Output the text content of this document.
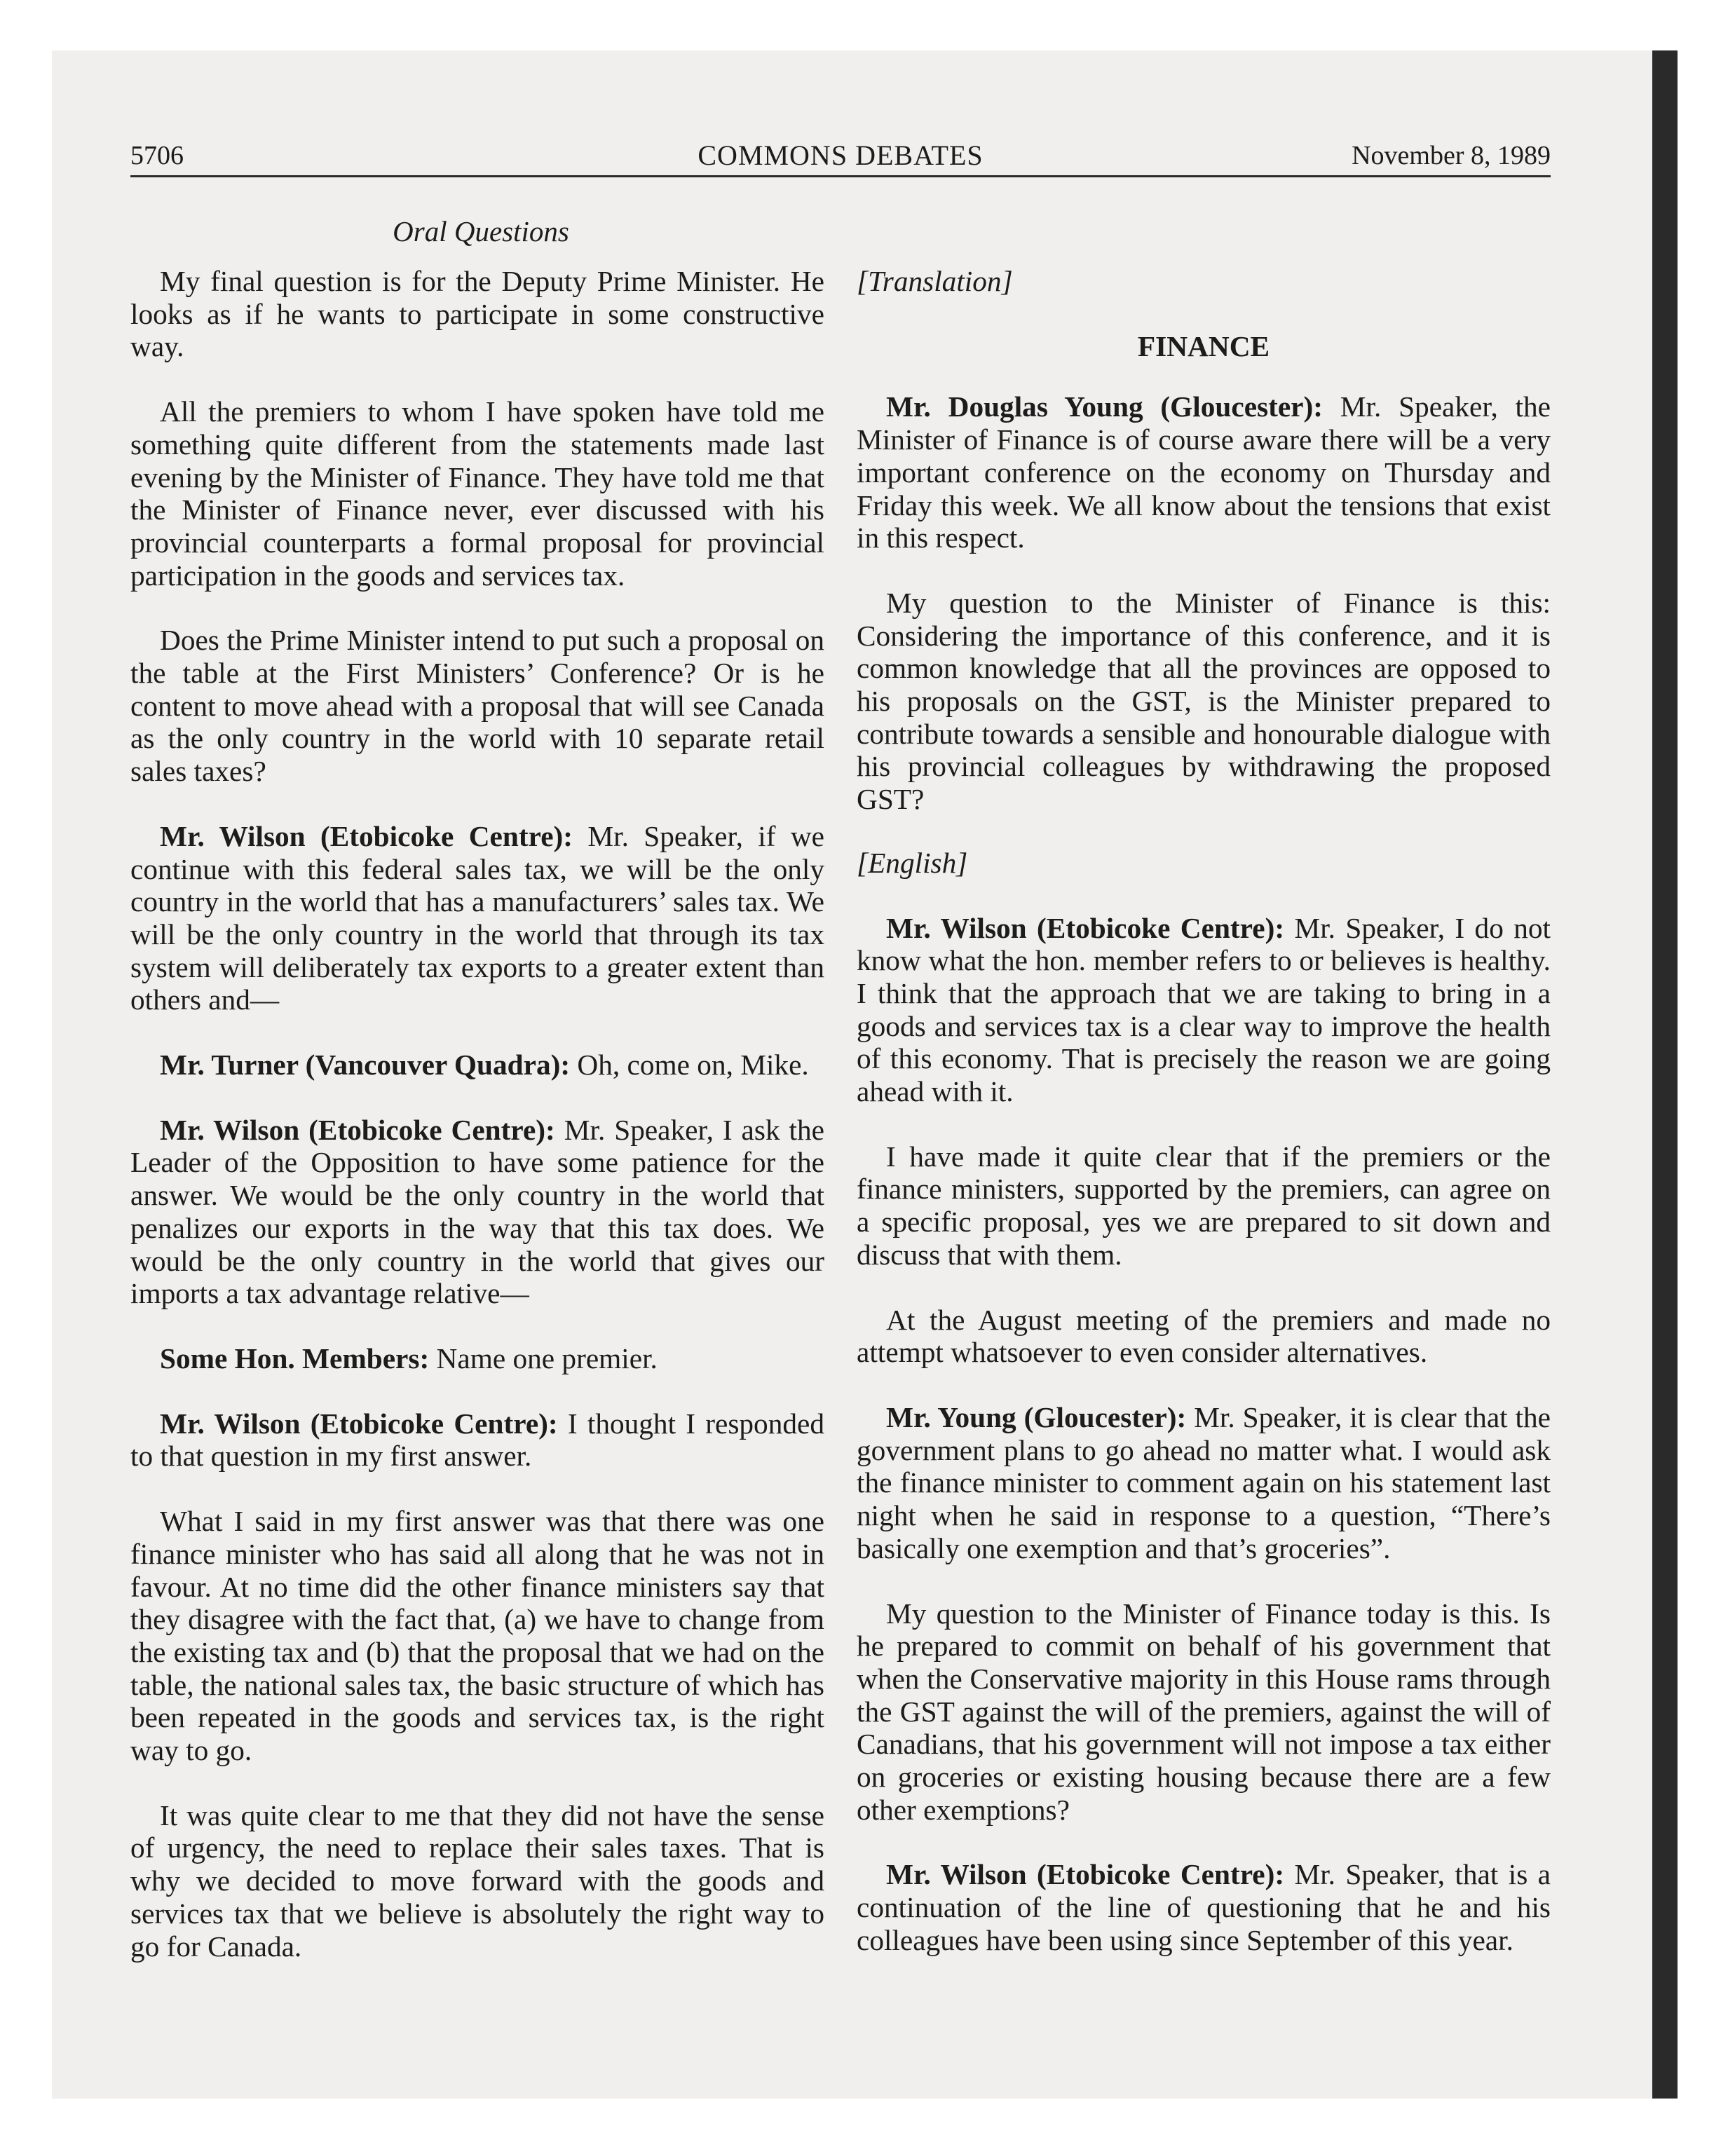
5706	COMMONS DEBATES	November 8, 1989
Oral Questions

My final question is for the Deputy Prime Minister. He looks as if he wants to participate in some constructive way.

All the premiers to whom I have spoken have told me something quite different from the statements made last evening by the Minister of Finance. They have told me that the Minister of Finance never, ever discussed with his provincial counterparts a formal proposal for provincial participation in the goods and services tax.

Does the Prime Minister intend to put such a proposal on the table at the First Ministers’ Conference? Or is he content to move ahead with a proposal that will see Canada as the only country in the world with 10 separate retail sales taxes?

Mr. Wilson (Etobicoke Centre): Mr. Speaker, if we continue with this federal sales tax, we will be the only country in the world that has a manufacturers’ sales tax. We will be the only country in the world that through its tax system will deliberately tax exports to a greater extent than others and—

Mr. Turner (Vancouver Quadra): Oh, come on, Mike.

Mr. Wilson (Etobicoke Centre): Mr. Speaker, I ask the Leader of the Opposition to have some patience for the answer. We would be the only country in the world that penalizes our exports in the way that this tax does. We would be the only country in the world that gives our imports a tax advantage relative—

Some Hon. Members: Name one premier.

Mr. Wilson (Etobicoke Centre): I thought I responded to that question in my first answer.

What I said in my first answer was that there was one finance minister who has said all along that he was not in favour. At no time did the other finance ministers say that they disagree with the fact that, (a) we have to change from the existing tax and (b) that the proposal that we had on the table, the national sales tax, the basic structure of which has been repeated in the goods and services tax, is the right way to go.

It was quite clear to me that they did not have the sense of urgency, the need to replace their sales taxes. That is why we decided to move forward with the goods and services tax that we believe is absolutely the right way to go for Canada.

[Translation]
FINANCE

Mr. Douglas Young (Gloucester): Mr. Speaker, the Minister of Finance is of course aware there will be a very important conference on the economy on Thursday and Friday this week. We all know about the tensions that exist in this respect.

My question to the Minister of Finance is this: Considering the importance of this conference, and it is common knowledge that all the provinces are opposed to his proposals on the GST, is the Minister prepared to contribute towards a sensible and honourable dialogue with his provincial colleagues by withdrawing the proposed GST?

[English]

Mr. Wilson (Etobicoke Centre): Mr. Speaker, I do not know what the hon. member refers to or believes is healthy. I think that the approach that we are taking to bring in a goods and services tax is a clear way to improve the health of this economy. That is precisely the reason we are going ahead with it.

I have made it quite clear that if the premiers or the finance ministers, supported by the premiers, can agree on a specific proposal, yes we are prepared to sit down and discuss that with them.

At the August meeting of the premiers and made no attempt whatsoever to even consider alternatives.

Mr. Young (Gloucester): Mr. Speaker, it is clear that the government plans to go ahead no matter what. I would ask the finance minister to comment again on his statement last night when he said in response to a question, “There’s basically one exemption and that’s groceries”.

My question to the Minister of Finance today is this. Is he prepared to commit on behalf of his government that when the Conservative majority in this House rams through the GST against the will of the premiers, against the will of Canadians, that his government will not impose a tax either on groceries or existing housing because there are a few other exemptions?

Mr. Wilson (Etobicoke Centre): Mr. Speaker, that is a continuation of the line of questioning that he and his colleagues have been using since September of this year.
